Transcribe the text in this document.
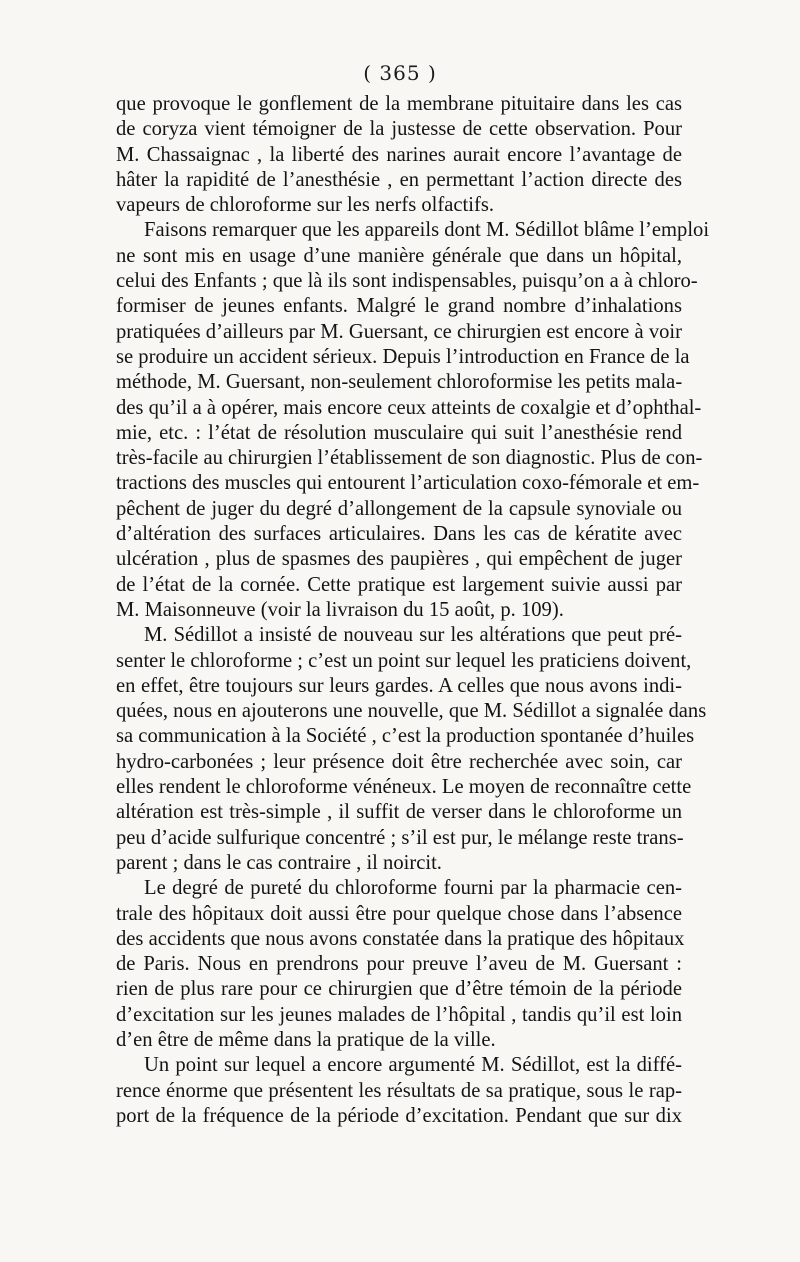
( 365 )
que provoque le gonflement de la membrane pituitaire dans les cas
de coryza vient témoigner de la justesse de cette observation. Pour
M. Chassaignac , la liberté des narines aurait encore l’avantage de
hâter la rapidité de l’anesthésie , en permettant l’action directe des
vapeurs de chloroforme sur les nerfs olfactifs.
Faisons remarquer que les appareils dont M. Sédillot blâme l’emploi
ne sont mis en usage d’une manière générale que dans un hôpital,
celui des Enfants ; que là ils sont indispensables, puisqu’on a à chloro-
formiser de jeunes enfants. Malgré le grand nombre d’inhalations
pratiquées d’ailleurs par M. Guersant, ce chirurgien est encore à voir
se produire un accident sérieux. Depuis l’introduction en France de la
méthode, M. Guersant, non-seulement chloroformise les petits mala-
des qu’il a à opérer, mais encore ceux atteints de coxalgie et d’ophthal-
mie, etc. : l’état de résolution musculaire qui suit l’anesthésie rend
très-facile au chirurgien l’établissement de son diagnostic. Plus de con-
tractions des muscles qui entourent l’articulation coxo-fémorale et em-
pêchent de juger du degré d’allongement de la capsule synoviale ou
d’altération des surfaces articulaires. Dans les cas de kératite avec
ulcération , plus de spasmes des paupières , qui empêchent de juger
de l’état de la cornée. Cette pratique est largement suivie aussi par
M. Maisonneuve (voir la livraison du 15 août, p. 109).
M. Sédillot a insisté de nouveau sur les altérations que peut pré-
senter le chloroforme ; c’est un point sur lequel les praticiens doivent,
en effet, être toujours sur leurs gardes. A celles que nous avons indi-
quées, nous en ajouterons une nouvelle, que M. Sédillot a signalée dans
sa communication à la Société , c’est la production spontanée d’huiles
hydro-carbonées ; leur présence doit être recherchée avec soin, car
elles rendent le chloroforme vénéneux. Le moyen de reconnaître cette
altération est très-simple , il suffit de verser dans le chloroforme un
peu d’acide sulfurique concentré ; s’il est pur, le mélange reste trans-
parent ; dans le cas contraire , il noircit.
Le degré de pureté du chloroforme fourni par la pharmacie cen-
trale des hôpitaux doit aussi être pour quelque chose dans l’absence
des accidents que nous avons constatée dans la pratique des hôpitaux
de Paris. Nous en prendrons pour preuve l’aveu de M. Guersant :
rien de plus rare pour ce chirurgien que d’être témoin de la période
d’excitation sur les jeunes malades de l’hôpital , tandis qu’il est loin
d’en être de même dans la pratique de la ville.
Un point sur lequel a encore argumenté M. Sédillot, est la diffé-
rence énorme que présentent les résultats de sa pratique, sous le rap-
port de la fréquence de la période d’excitation. Pendant que sur dix
